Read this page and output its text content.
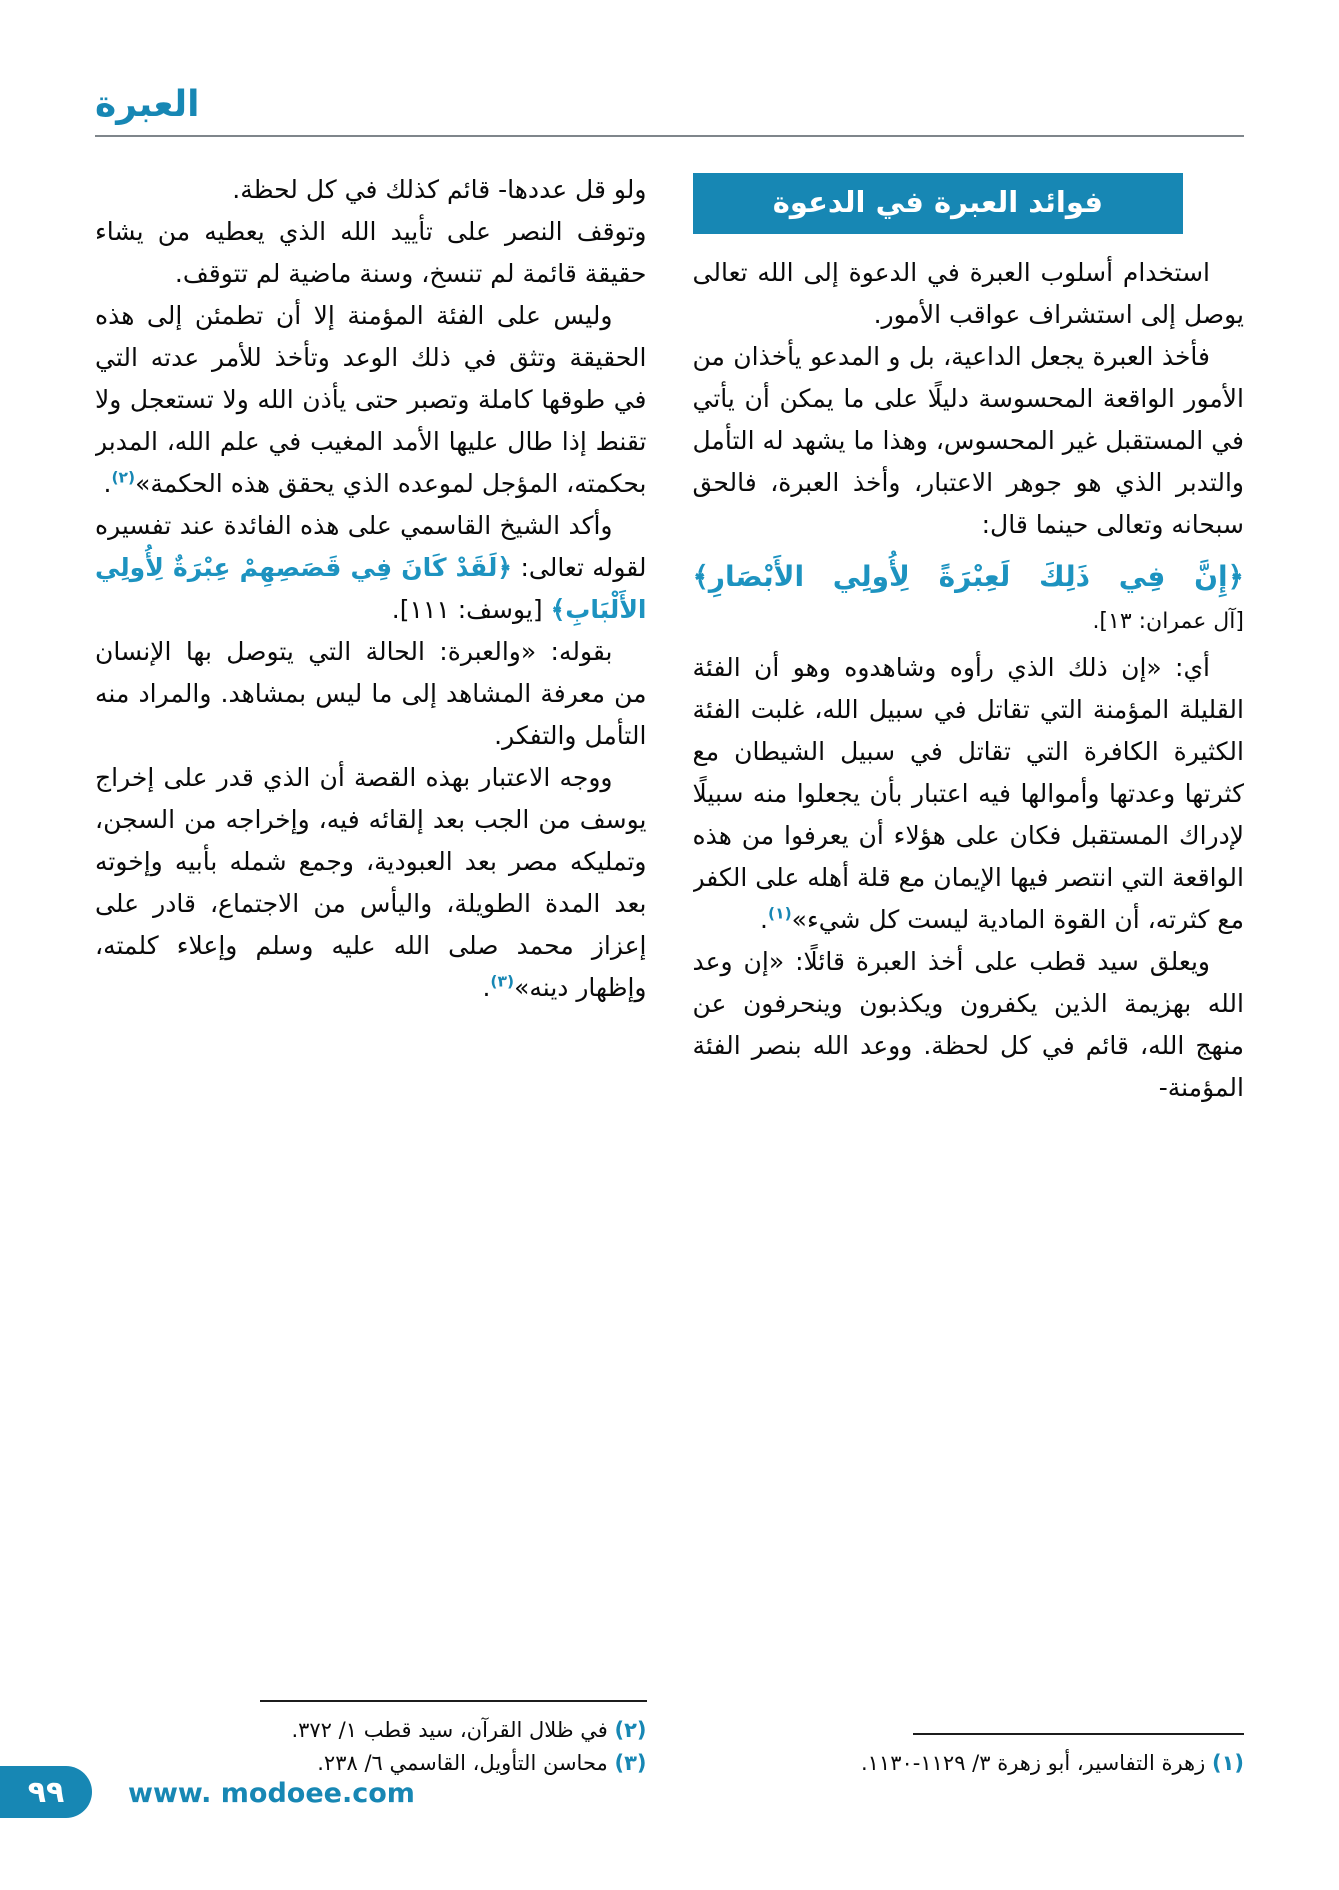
العبرة
فوائد العبرة في الدعوة

استخدام أسلوب العبرة في الدعوة إلى الله تعالى يوصل إلى استشراف عواقب الأمور.

فأخذ العبرة يجعل الداعية، بل و المدعو يأخذان من الأمور الواقعة المحسوسة دليلًا على ما يمكن أن يأتي في المستقبل غير المحسوس، وهذا ما يشهد له التأمل والتدبر الذي هو جوهر الاعتبار، وأخذ العبرة، فالحق سبحانه وتعالى حينما قال:

﴿إِنَّ فِي ذَلِكَ لَعِبْرَةً لِأُولِي الأَبْصَارِ﴾
[آل عمران: ١٣].

أي: «إن ذلك الذي رأوه وشاهدوه وهو أن الفئة القليلة المؤمنة التي تقاتل في سبيل الله، غلبت الفئة الكثيرة الكافرة التي تقاتل في سبيل الشيطان مع كثرتها وعدتها وأموالها فيه اعتبار بأن يجعلوا منه سبيلًا لإدراك المستقبل فكان على هؤلاء أن يعرفوا من هذه الواقعة التي انتصر فيها الإيمان مع قلة أهله على الكفر مع كثرته، أن القوة المادية ليست كل شيء»$^{(١)}$.

ويعلق سيد قطب على أخذ العبرة قائلًا: «إن وعد الله بهزيمة الذين يكفرون ويكذبون وينحرفون عن منهج الله، قائم في كل لحظة. ووعد الله بنصر الفئة المؤمنة-

(١) زهرة التفاسير، أبو زهرة ٣/ ١١٢٩-١١٣٠.

ولو قل عددها- قائم كذلك في كل لحظة.

وتوقف النصر على تأييد الله الذي يعطيه من يشاء حقيقة قائمة لم تنسخ، وسنة ماضية لم تتوقف.

وليس على الفئة المؤمنة إلا أن تطمئن إلى هذه الحقيقة وتثق في ذلك الوعد وتأخذ للأمر عدته التي في طوقها كاملة وتصبر حتى يأذن الله ولا تستعجل ولا تقنط إذا طال عليها الأمد المغيب في علم الله، المدبر بحكمته، المؤجل لموعده الذي يحقق هذه الحكمة»$^{(٢)}$.

وأكد الشيخ القاسمي على هذه الفائدة عند تفسيره لقوله تعالى: ﴿لَقَدْ كَانَ فِي قَصَصِهِمْ عِبْرَةٌ لِأُولِي الأَلْبَابِ﴾ [يوسف: ١١١].

بقوله: «والعبرة: الحالة التي يتوصل بها الإنسان من معرفة المشاهد إلى ما ليس بمشاهد. والمراد منه التأمل والتفكر.

ووجه الاعتبار بهذه القصة أن الذي قدر على إخراج يوسف من الجب بعد إلقائه فيه، وإخراجه من السجن، وتمليكه مصر بعد العبودية، وجمع شمله بأبيه وإخوته بعد المدة الطويلة، واليأس من الاجتماع، قادر على إعزاز محمد صلى الله عليه وسلم وإعلاء كلمته، وإظهار دينه»$^{(٣)}$.

(٢) في ظلال القرآن، سيد قطب ١/ ٣٧٢.

(٣) محاسن التأويل، القاسمي ٦/ ٢٣٨.

٩٩ www. modoee.com
